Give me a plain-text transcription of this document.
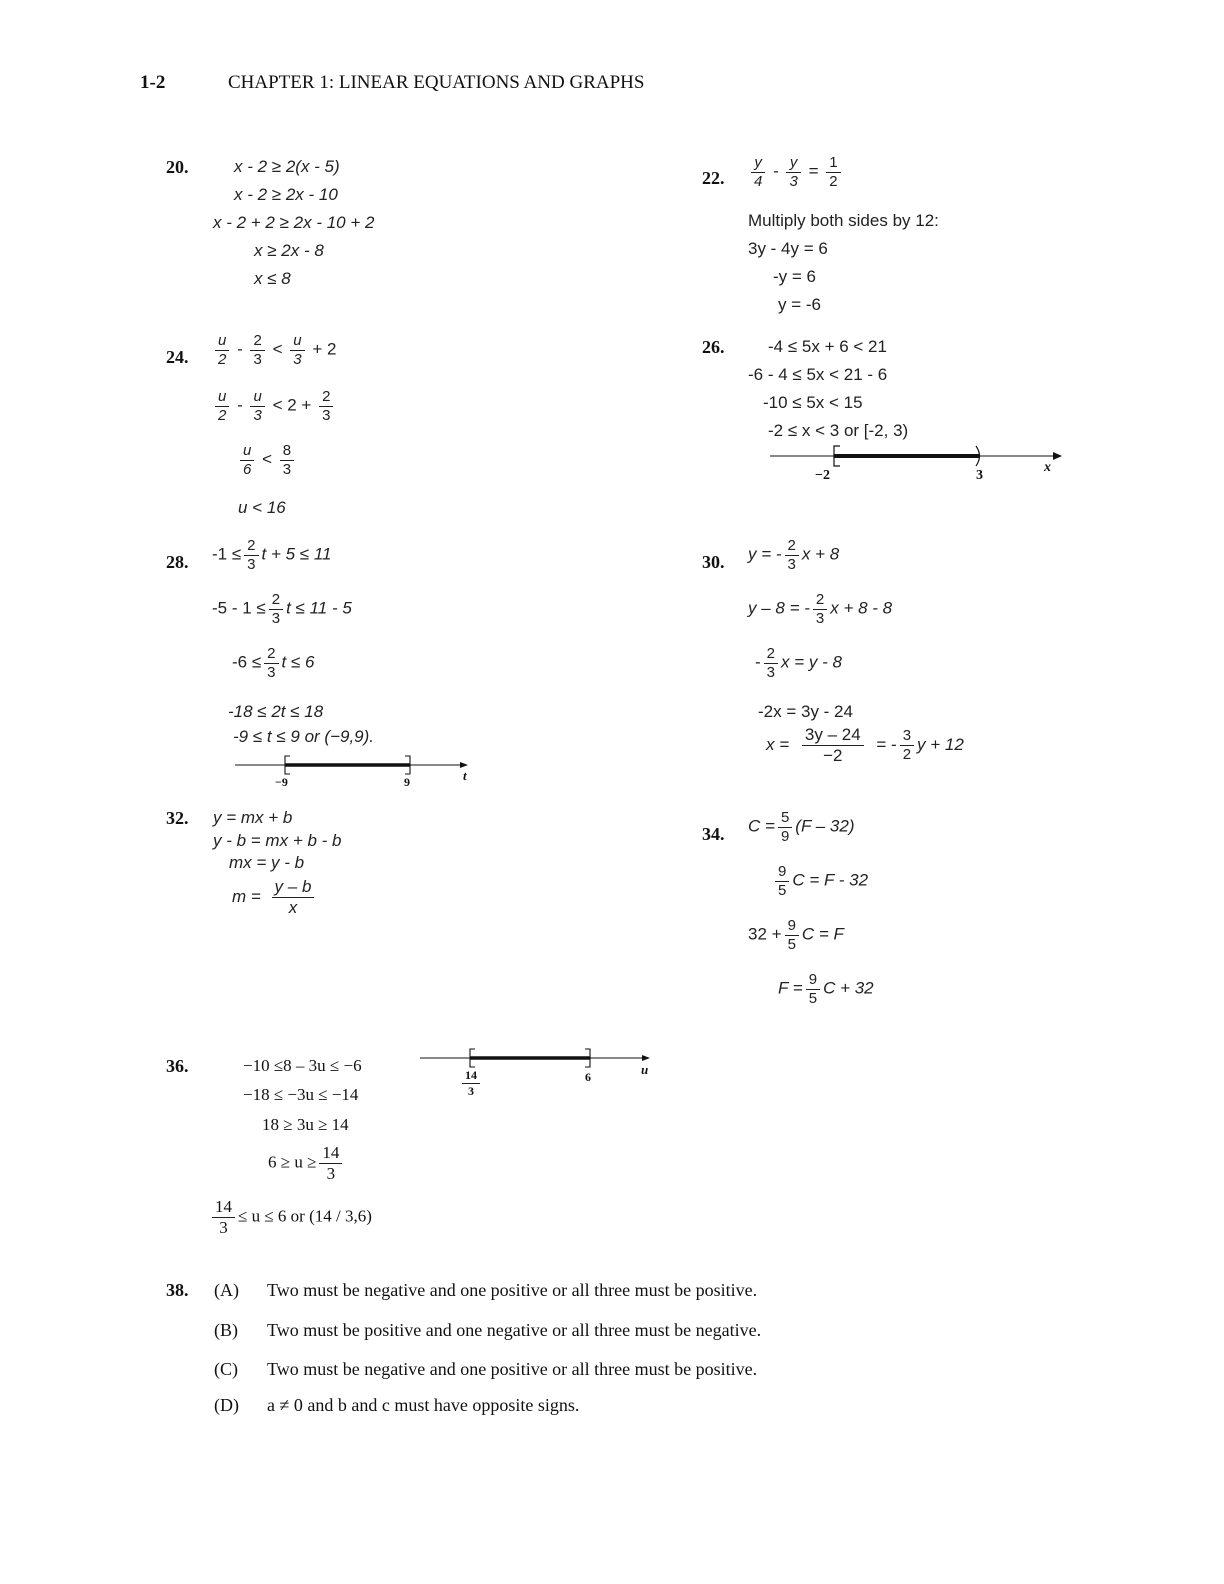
1-2	CHAPTER 1: LINEAR EQUATIONS AND GRAPHS
20.	x - 2 ≥ 2(x - 5)
x - 2 ≥ 2x - 10
x - 2 + 2 ≥ 2x - 10 + 2
x ≥ 2x - 8
x ≤ 8
22. $\frac{y}{4} - \frac{y}{3} = \frac{1}{2}$
Multiply both sides by 12:
3y - 4y = 6
-y = 6
y = -6
24. $\frac{u}{2} - \frac{2}{3} < \frac{u}{3} + 2$
$\frac{u}{2} - \frac{u}{3} < 2 + \frac{2}{3}$
$\frac{u}{6} < \frac{8}{3}$
u < 16
26.	-4 ≤ 5x + 6 < 21
-6 - 4 ≤ 5x < 21 - 6
-10 ≤ 5x < 15
-2 ≤ x < 3 or [-2, 3)
−2	3
x
28. $-1 \le \frac{2}{3}$ t + 5 ≤ 11
$-5 - 1 \le \frac{2}{3}$ t ≤ 11 - 5
$-6 \le \frac{2}{3}$ t ≤ 6
-18 ≤ 2t ≤ 18
-9 ≤ t ≤ 9 or (−9,9).
−9	9	t
30. y = - $\frac{2}{3}$ x + 8
y – 8 = - $\frac{2}{3}$ x + 8 - 8
- $\frac{2}{3}$ x = y - 8
-2x = 3y - 24
$x = \frac{3y - 24}{-2}$ = - $\frac{3}{2}$ y + 12
32. y = mx + b
y - b = mx + b - b
mx = y - b
$m = \frac{y - b}{x}$
34. $C = \frac{5}{9} (F - 32)$
$\frac{9}{5}$ C = F - 32
$32 + \frac{9}{5}$ C = F
$F = \frac{9}{5}$ C + 32
36.	−10 ≤8 – 3u ≤ −6
−18 ≤ −3u ≤ −14
18 ≥ 3u ≥ 14
$6 \ge u \ge \frac{14}{3}$
$\frac{14}{3} \le u \le 6$ or (14 / 3,6)
$\frac{14}{3}$	6	u
38. (A) Two must be negative and one positive or all three must be positive.
(B) Two must be positive and one negative or all three must be negative.
(C) Two must be negative and one positive or all three must be positive.
(D) a ≠ 0 and b and c must have opposite signs.
